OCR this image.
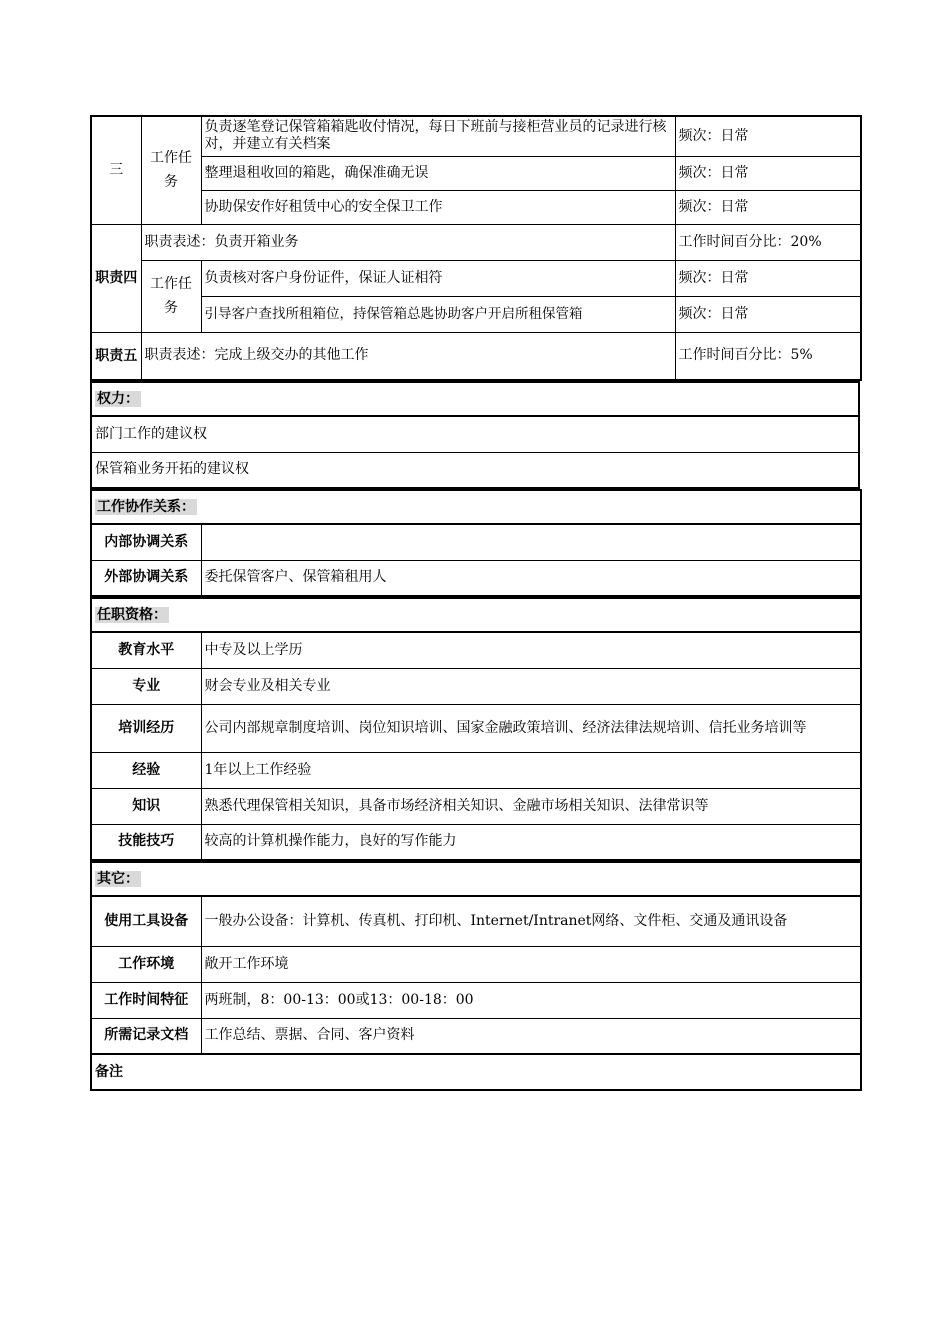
三	工作任务	负责逐笔登记保管箱箱匙收付情况，每日下班前与接柜营业员的记录进行核对，并建立有关档案	频次：日常
		整理退租收回的箱匙，确保准确无误	频次：日常
		协助保安作好租赁中心的安全保卫工作	频次：日常
职责四	职责表述：负责开箱业务		工作时间百分比：20%
	工作任务	负责核对客户身份证件，保证人证相符	频次：日常
		引导客户查找所租箱位，持保管箱总匙协助客户开启所租保管箱	频次：日常
职责五	职责表述：完成上级交办的其他工作		工作时间百分比：5%
权力：
部门工作的建议权
保管箱业务开拓的建议权
工作协作关系：	
内部协调关系	
外部协调关系	委托保管客户、保管箱租用人
任职资格：	
教育水平	中专及以上学历
专业	财会专业及相关专业
培训经历	公司内部规章制度培训、岗位知识培训、国家金融政策培训、经济法律法规培训、信托业务培训等
经验	1年以上工作经验
知识	熟悉代理保管相关知识，具备市场经济相关知识、金融市场相关知识、法律常识等
技能技巧	较高的计算机操作能力，良好的写作能力
其它：	
使用工具设备	一般办公设备：计算机、传真机、打印机、Internet/Intranet网络、文件柜、交通及通讯设备
工作环境	敞开工作环境
工作时间特征	两班制，8：00-13：00或13：00-18：00
所需记录文档	工作总结、票据、合同、客户资料
备注	
